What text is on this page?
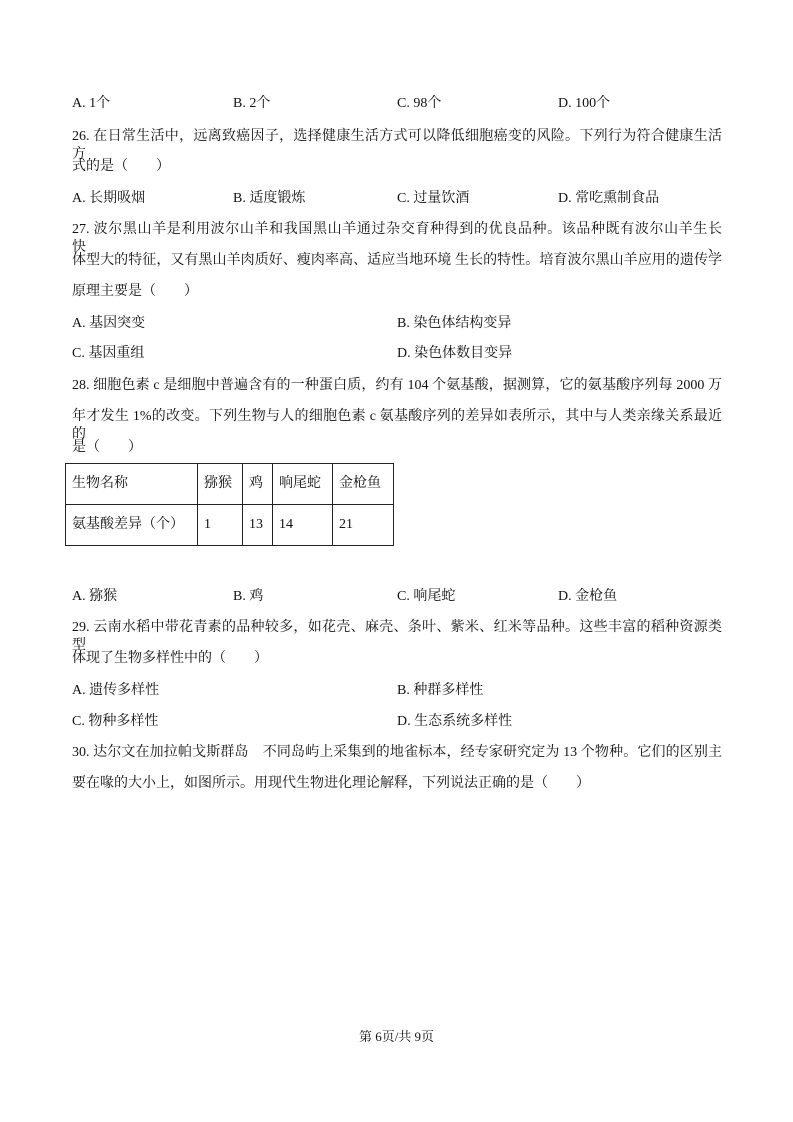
A. 1个	B. 2个	C. 98个	D. 100个
26. 在日常生活中，远离致癌因子，选择健康生活方式可以降低细胞癌变的风险。下列行为符合健康生活方
式的是（　　）
A. 长期吸烟	B. 适度锻炼	C. 过量饮酒	D. 常吃熏制食品
27. 波尔黑山羊是利用波尔山羊和我国黑山羊通过杂交育种得到的优良品种。该品种既有波尔山羊生长快、
体型大的特征，又有黑山羊肉质好、瘦肉率高、适应当地环境 生长的特性。培育波尔黑山羊应用的遗传学
原理主要是（　　）
A. 基因突变	B. 染色体结构变异
C. 基因重组	D. 染色体数目变异
28. 细胞色素 c 是细胞中普遍含有的一种蛋白质，约有 104 个氨基酸，据测算，它的氨基酸序列每 2000 万
年才发生 1%的改变。下列生物与人的细胞色素 c 氨基酸序列的差异如表所示，其中与人类亲缘关系最近的
是（　　）
生物名称	猕猴	鸡	响尾蛇	金枪鱼
氨基酸差异（个）	1	13	14	21
A. 猕猴	B. 鸡	C. 响尾蛇	D. 金枪鱼
29. 云南水稻中带花青素的品种较多，如花壳、麻壳、条叶、紫米、红米等品种。这些丰富的稻种资源类型
体现了生物多样性中的（　　）
A. 遗传多样性	B. 种群多样性
C. 物种多样性	D. 生态系统多样性
30. 达尔文在加拉帕戈斯群岛　不同岛屿上采集到的地雀标本，经专家研究定为 13 个物种。它们的区别主
要在喙的大小上，如图所示。用现代生物进化理论解释，下列说法正确的是（　　）
第 6页/共 9页
